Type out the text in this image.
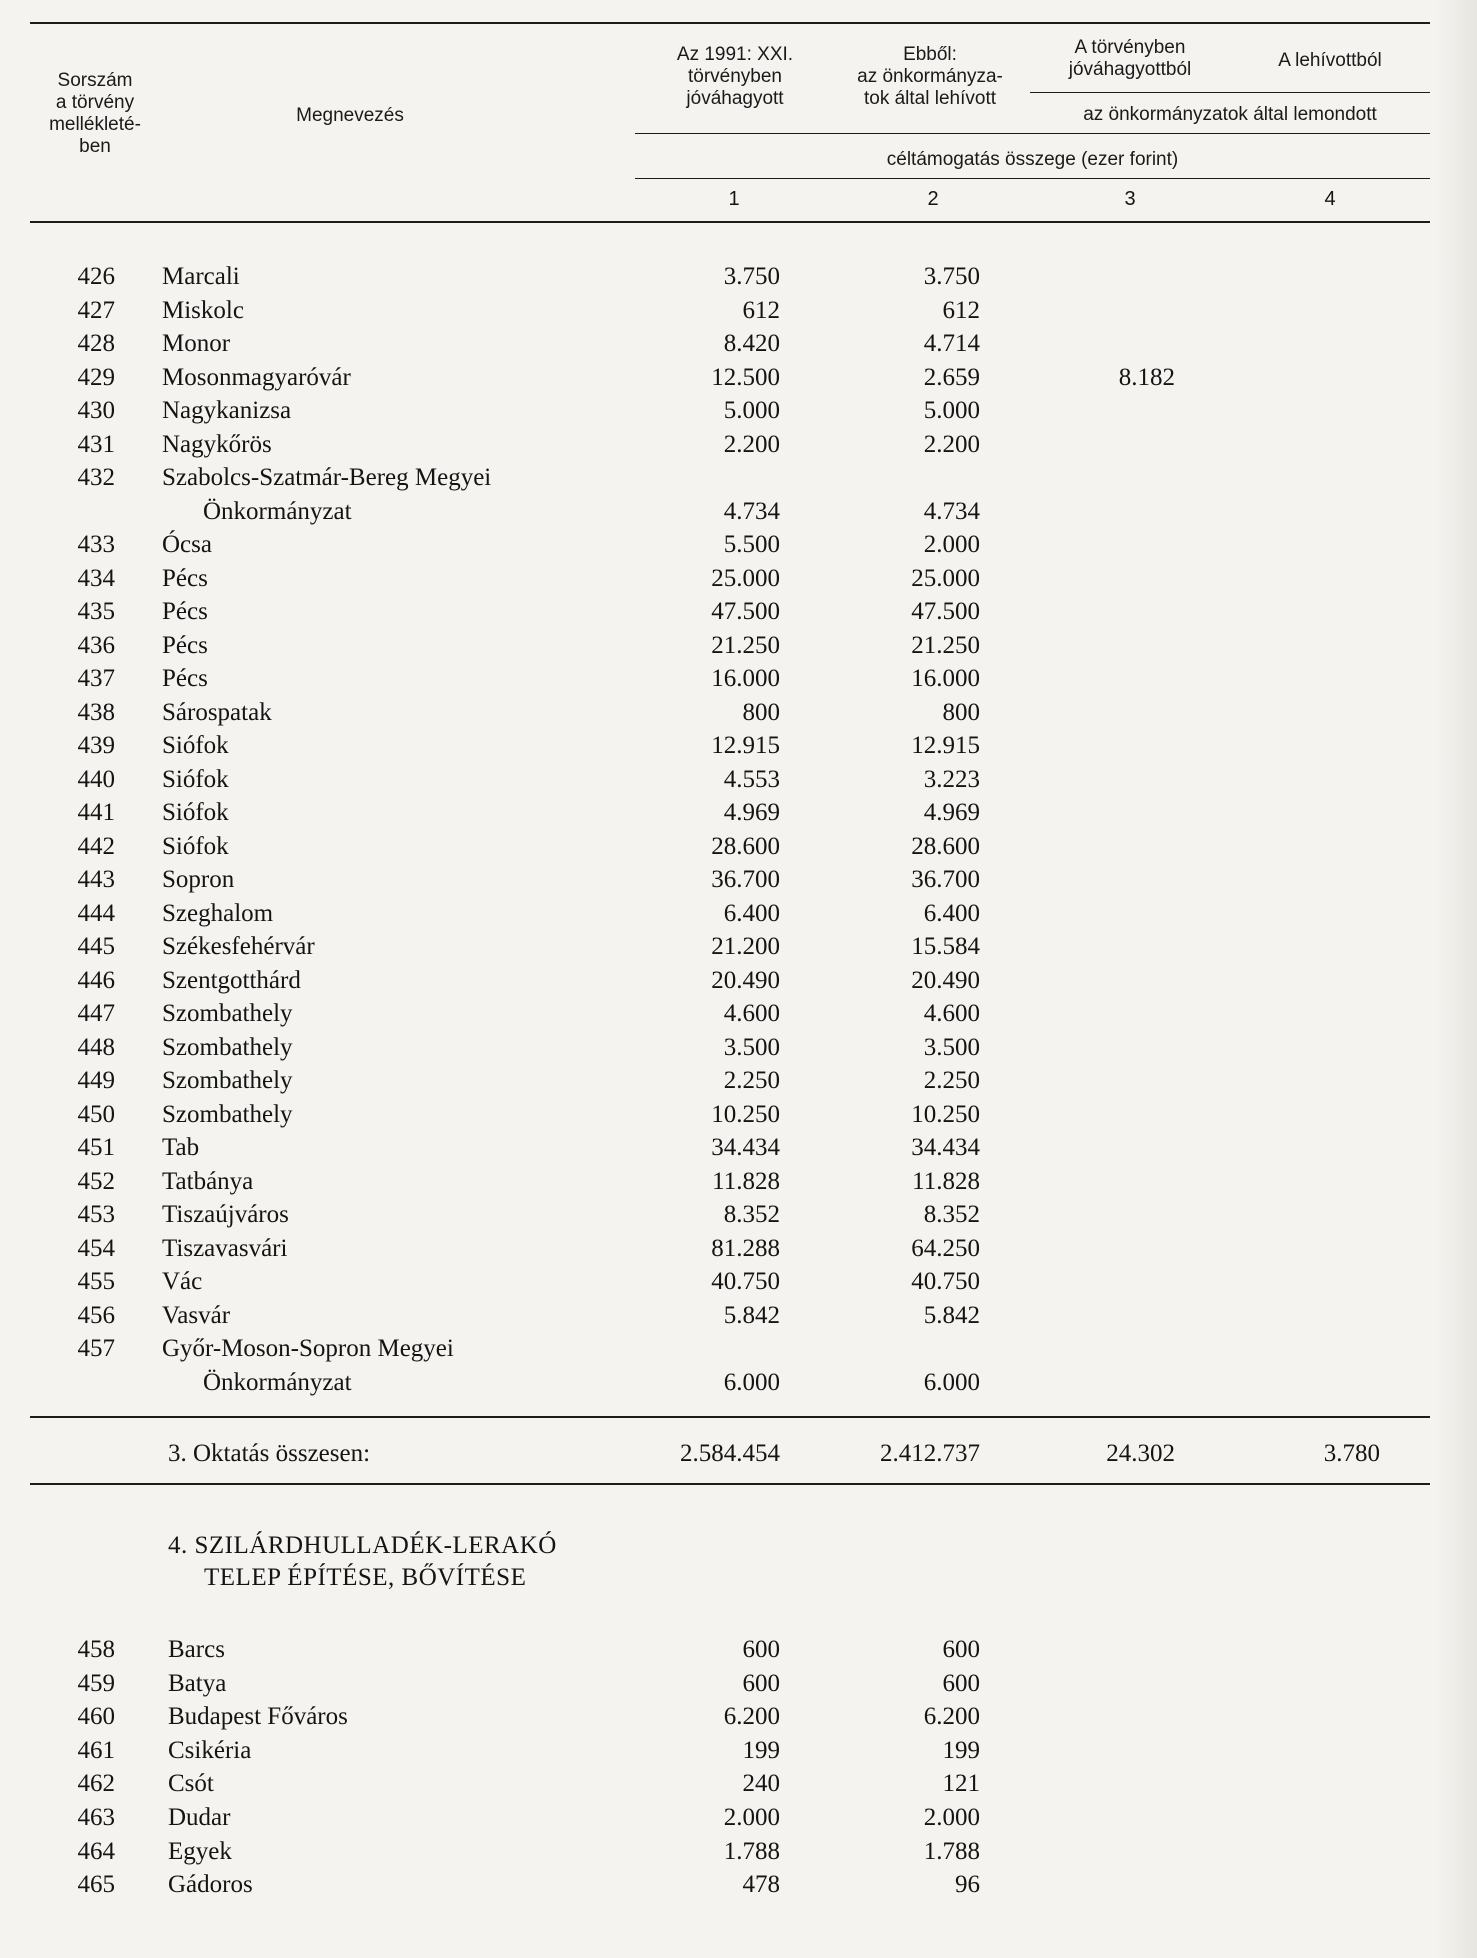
Sorszám
a törvény
mellékleté-
ben
Megnevezés
Az 1991: XXI.
törvényben
jóváhagyott
Ebből:
az önkormányza-
tok által lehívott
A törvényben
jóváhagyottból	A lehívottból
az önkormányzatok által lemondott
céltámogatás összege (ezer forint)
1	2	3	4
426 Marcali	3.750	3.750
427 Miskolc	612	612
428 Monor	8.420	4.714
429 Mosonmagyaróvár	12.500	2.659	8.182
430 Nagykanizsa	5.000	5.000
431 Nagykőrös	2.200	2.200
432 Szabolcs-Szatmár-Bereg Megyei
Önkormányzat	4.734	4.734
433 Ócsa	5.500	2.000
434 Pécs	25.000	25.000
435 Pécs	47.500	47.500
436 Pécs	21.250	21.250
437 Pécs	16.000	16.000
438 Sárospatak	800	800
439 Siófok	12.915	12.915
440 Siófok	4.553	3.223
441 Siófok	4.969	4.969
442 Siófok	28.600	28.600
443 Sopron	36.700	36.700
444 Szeghalom	6.400	6.400
445 Székesfehérvár	21.200	15.584
446 Szentgotthárd	20.490	20.490
447 Szombathely	4.600	4.600
448 Szombathely	3.500	3.500
449 Szombathely	2.250	2.250
450 Szombathely	10.250	10.250
451 Tab	34.434	34.434
452 Tatbánya	11.828	11.828
453 Tiszaújváros	8.352	8.352
454 Tiszavasvári	81.288	64.250
455 Vác	40.750	40.750
456 Vasvár	5.842	5.842
457 Győr-Moson-Sopron Megyei
Önkormányzat	6.000	6.000
3. Oktatás összesen:	2.584.454	2.412.737	24.302	3.780
4. SZILÁRDHULLADÉK-LERAKÓ
TELEP ÉPÍTÉSE, BŐVÍTÉSE
458 Barcs	600	600
459 Batya	600	600
460 Budapest Főváros	6.200	6.200
461 Csikéria	199	199
462 Csót	240	121
463 Dudar	2.000	2.000
464 Egyek	1.788	1.788
465 Gádoros	478	96
